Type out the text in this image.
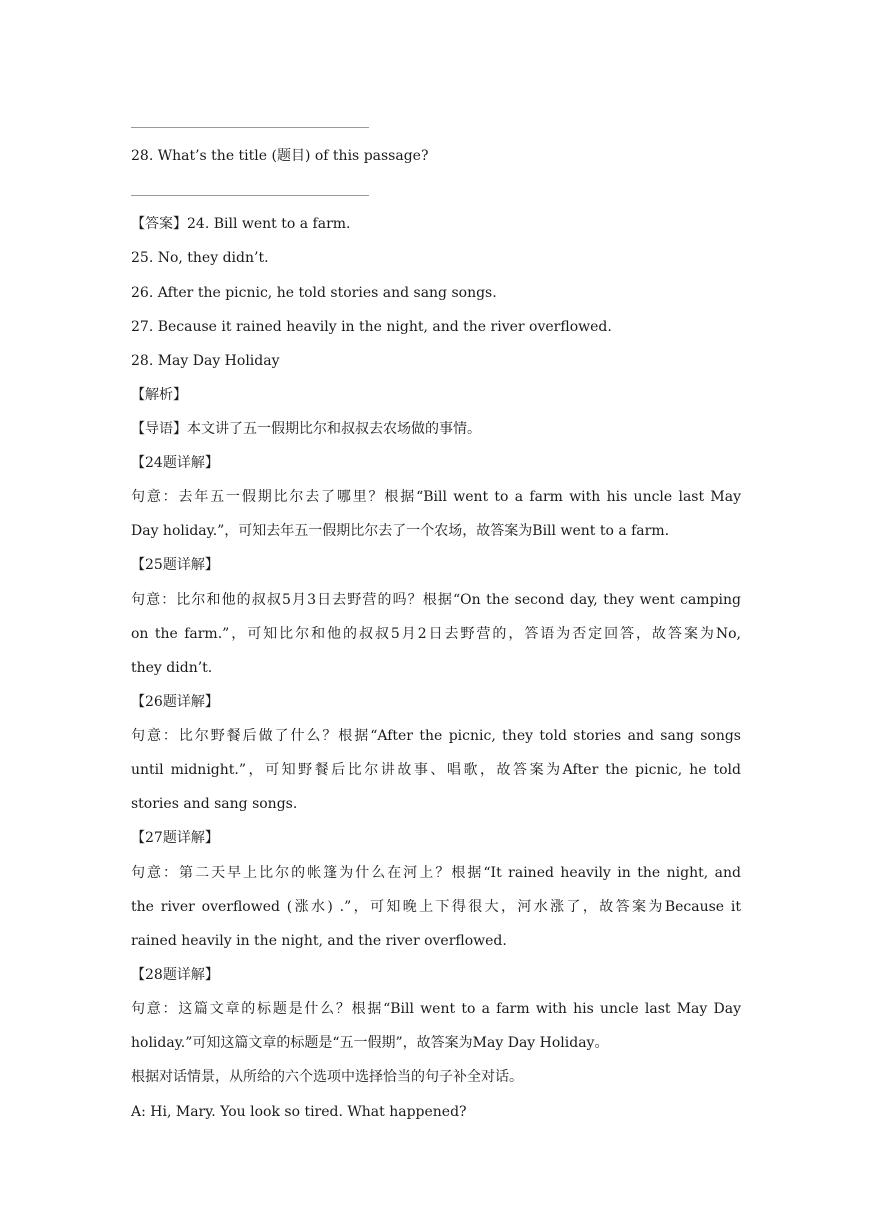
28. What’s the title (题目) of this passage?
【答案】24. Bill went to a farm.
25. No, they didn’t.
26. After the picnic, he told stories and sang songs.
27. Because it rained heavily in the night, and the river overflowed.
28. May Day Holiday
【解析】
【导语】本文讲了五一假期比尔和叔叔去农场做的事情。
【24题详解】
句意：去年五一假期比尔去了哪里？根据“Bill went to a farm with his uncle last May
Day holiday.”，可知去年五一假期比尔去了一个农场，故答案为Bill went to a farm.
【25题详解】
句意：比尔和他的叔叔5月3日去野营的吗？根据“On the second day, they went camping
on the farm.”，可知比尔和他的叔叔5月2日去野营的，答语为否定回答，故答案为No,
they didn’t.
【26题详解】
句意：比尔野餐后做了什么？根据“After the picnic, they told stories and sang songs
until midnight.”，可知野餐后比尔讲故事、唱歌，故答案为After the picnic, he told
stories and sang songs.
【27题详解】
句意：第二天早上比尔的帐篷为什么在河上？根据“It rained heavily in the night, and
the river overflowed (涨水) .”，可知晚上下得很大，河水涨了，故答案为Because it
rained heavily in the night, and the river overflowed.
【28题详解】
句意：这篇文章的标题是什么？根据“Bill went to a farm with his uncle last May Day
holiday.”可知这篇文章的标题是“五一假期”，故答案为May Day Holiday。
根据对话情景，从所给的六个选项中选择恰当的句子补全对话。
A: Hi, Mary. You look so tired. What happened?
